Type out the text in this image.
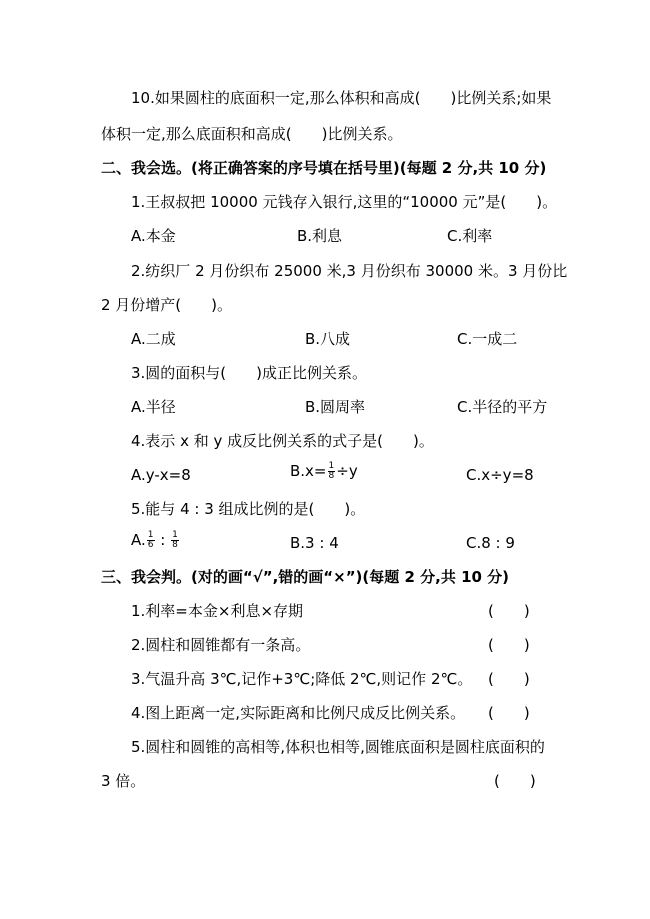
10.如果圆柱的底面积一定,那么体积和高成(　　)比例关系;如果
体积一定,那么底面积和高成(　　)比例关系。
二、我会选。(将正确答案的序号填在括号里)(每题 2 分,共 10 分)
1.王叔叔把 10000 元钱存入银行,这里的“10000 元”是(　　)。
A.本金	B.利息	C.利率
2.纺织厂 2 月份织布 25000 米,3 月份织布 30000 米。3 月份比
2 月份增产(　　)。
A.二成	B.八成	C.一成二
3.圆的面积与(　　)成正比例关系。
A.半径	B.圆周率	C.半径的平方
4.表示 x 和 y 成反比例关系的式子是(　　)。
A.y-x=8	$B.x= \frac{1}{8} \div y$	C.x÷y=8
5.能与 4 : 3 组成比例的是(　　)。
A. $\frac{1}{6}$ : $\frac{1}{8}$	B.3 : 4	C.8 : 9
三、我会判。(对的画“√”,错的画“×”)(每题 2 分,共 10 分)
1.利率=本金×利息×存期	(　　)
2.圆柱和圆锥都有一条高。	(　　)
3.气温升高 3℃,记作+3℃;降低 2℃,则记作 2℃。 (　　)
4.图上距离一定,实际距离和比例尺成反比例关系。 (　　)
5.圆柱和圆锥的高相等,体积也相等,圆锥底面积是圆柱底面积的
3 倍。	(　　)
